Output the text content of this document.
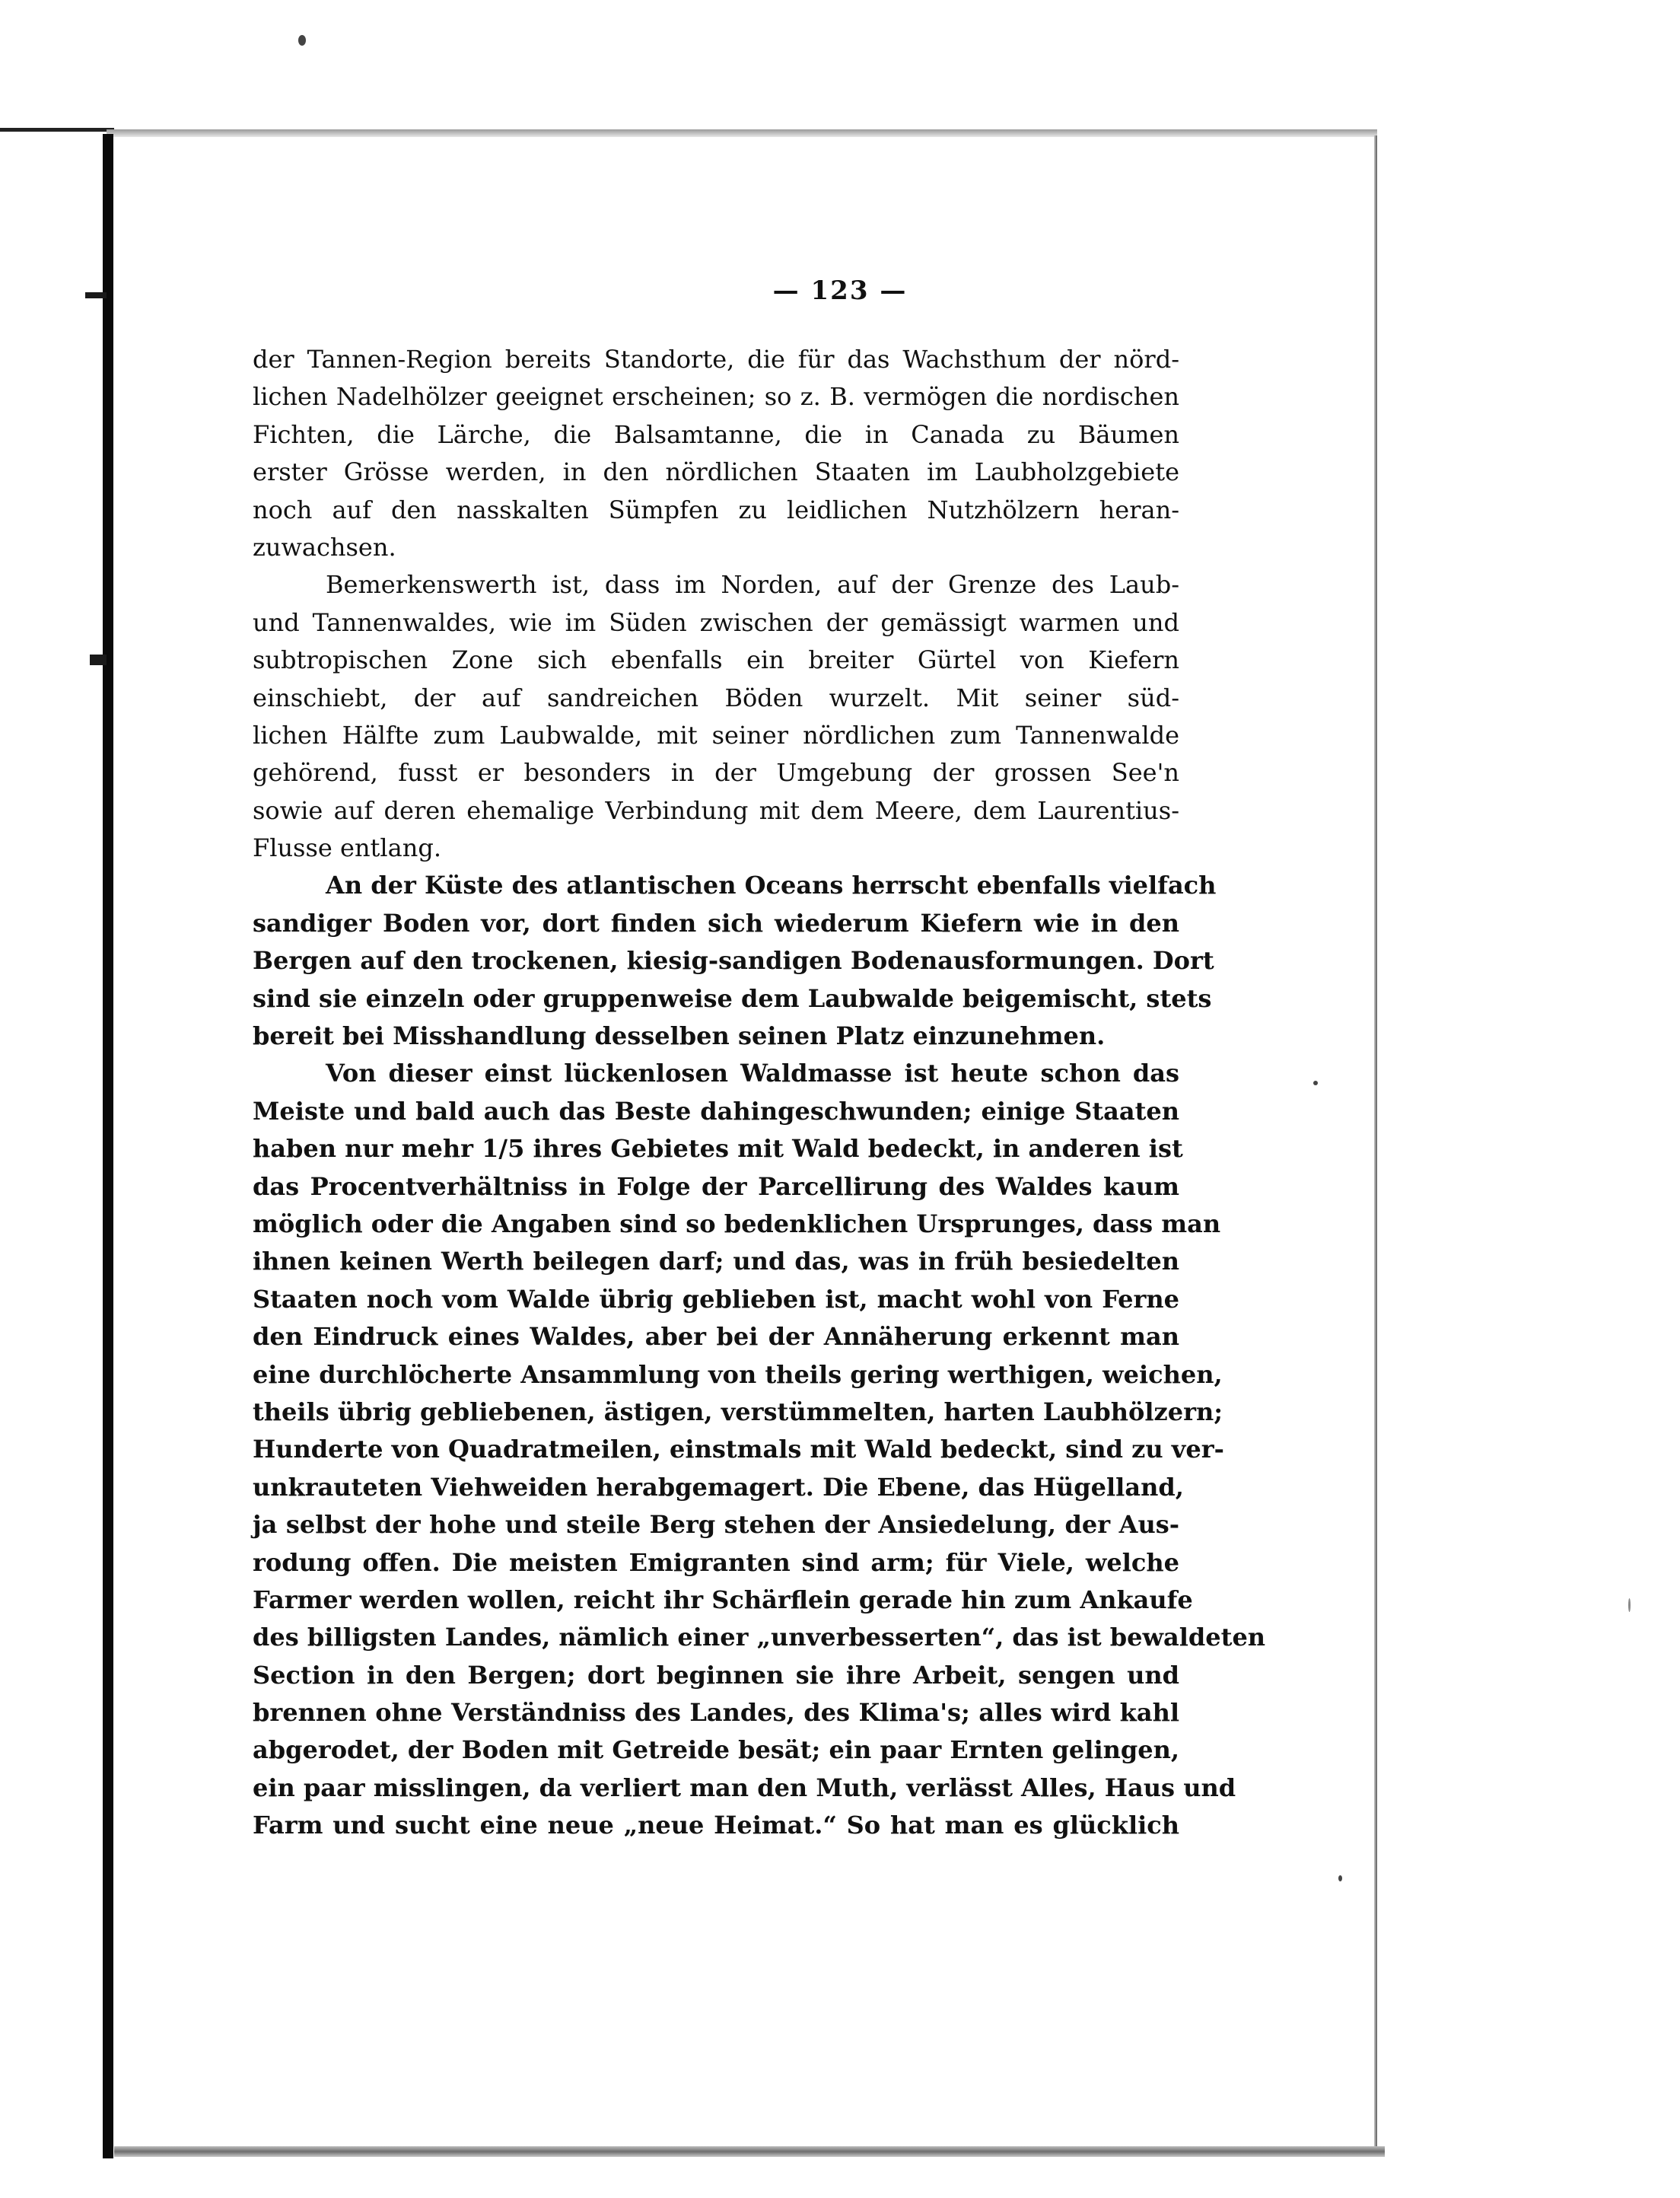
— 123 —
der Tannen-Region bereits Standorte, die für das Wachsthum der nörd-
lichen Nadelhölzer geeignet erscheinen; so z. B. vermögen die nordischen
Fichten, die Lärche, die Balsamtanne, die in Canada zu Bäumen
erster Grösse werden, in den nördlichen Staaten im Laubholzgebiete
noch auf den nasskalten Sümpfen zu leidlichen Nutzhölzern heran-
zuwachsen.
Bemerkenswerth ist, dass im Norden, auf der Grenze des Laub-
und Tannenwaldes, wie im Süden zwischen der gemässigt warmen und
subtropischen Zone sich ebenfalls ein breiter Gürtel von Kiefern
einschiebt, der auf sandreichen Böden wurzelt. Mit seiner süd-
lichen Hälfte zum Laubwalde, mit seiner nördlichen zum Tannenwalde
gehörend, fusst er besonders in der Umgebung der grossen See'n
sowie auf deren ehemalige Verbindung mit dem Meere, dem Laurentius-
Flusse entlang.
An der Küste des atlantischen Oceans herrscht ebenfalls vielfach
sandiger Boden vor, dort finden sich wiederum Kiefern wie in den
Bergen auf den trockenen, kiesig-sandigen Bodenausformungen. Dort
sind sie einzeln oder gruppenweise dem Laubwalde beigemischt, stets
bereit bei Misshandlung desselben seinen Platz einzunehmen.
Von dieser einst lückenlosen Waldmasse ist heute schon das
Meiste und bald auch das Beste dahingeschwunden; einige Staaten
haben nur mehr 1/5 ihres Gebietes mit Wald bedeckt, in anderen ist
das Procentverhältniss in Folge der Parcellirung des Waldes kaum
möglich oder die Angaben sind so bedenklichen Ursprunges, dass man
ihnen keinen Werth beilegen darf; und das, was in früh besiedelten
Staaten noch vom Walde übrig geblieben ist, macht wohl von Ferne
den Eindruck eines Waldes, aber bei der Annäherung erkennt man
eine durchlöcherte Ansammlung von theils gering werthigen, weichen,
theils übrig gebliebenen, ästigen, verstümmelten, harten Laubhölzern;
Hunderte von Quadratmeilen, einstmals mit Wald bedeckt, sind zu ver-
unkrauteten Viehweiden herabgemagert. Die Ebene, das Hügelland,
ja selbst der hohe und steile Berg stehen der Ansiedelung, der Aus-
rodung offen. Die meisten Emigranten sind arm; für Viele, welche
Farmer werden wollen, reicht ihr Schärflein gerade hin zum Ankaufe
des billigsten Landes, nämlich einer „unverbesserten“, das ist bewaldeten
Section in den Bergen; dort beginnen sie ihre Arbeit, sengen und
brennen ohne Verständniss des Landes, des Klima's; alles wird kahl
abgerodet, der Boden mit Getreide besät; ein paar Ernten gelingen,
ein paar misslingen, da verliert man den Muth, verlässt Alles, Haus und
Farm und sucht eine neue „neue Heimat.“ So hat man es glücklich
